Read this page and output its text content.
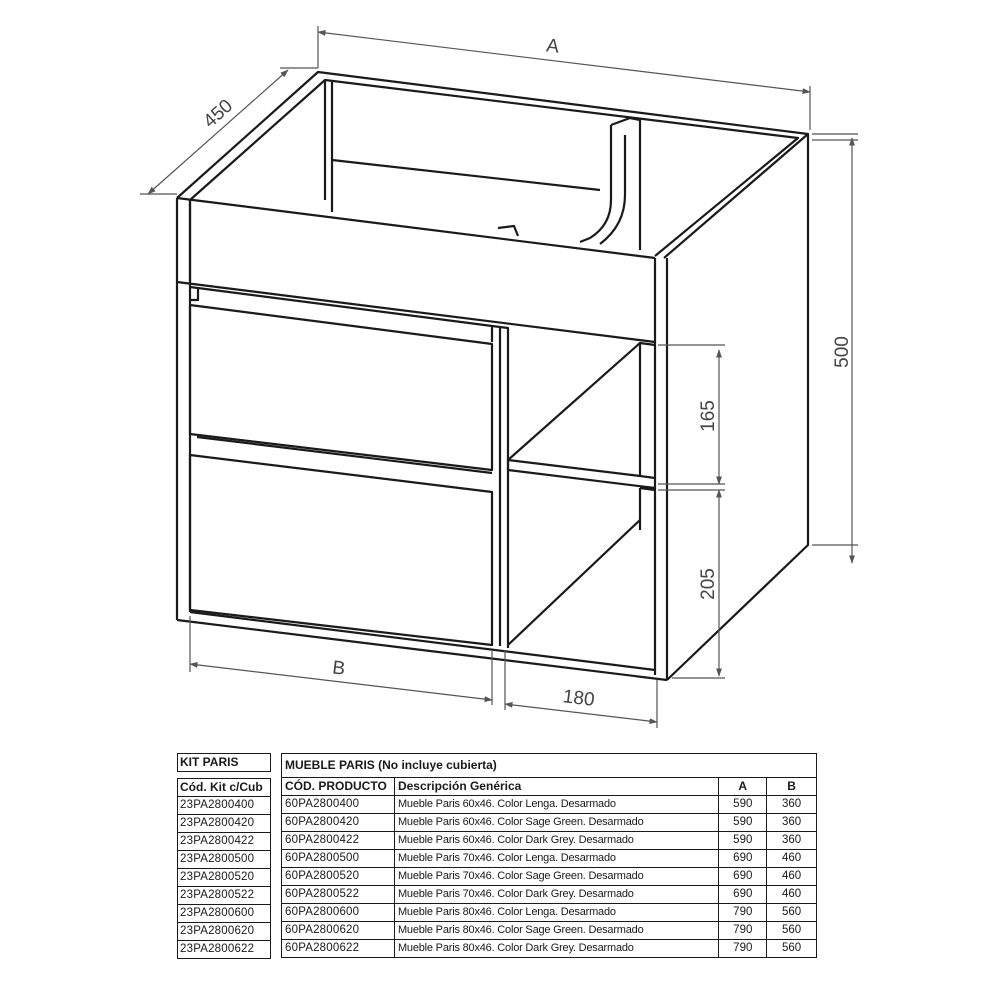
A
450
500
165
205
B
180
KIT PARIS

Cód. Kit c/Cub
23PA2800400
23PA2800420
23PA2800422
23PA2800500
23PA2800520
23PA2800522
23PA2800600
23PA2800620
23PA2800622
MUEBLE PARIS (No incluye cubierta)			
CÓD. PRODUCTO	Descripción Genérica	A	B
60PA2800400	Mueble Paris 60x46. Color Lenga. Desarmado	590	360
60PA2800420	Mueble Paris 60x46. Color Sage Green. Desarmado	590	360
60PA2800422	Mueble Paris 60x46. Color Dark Grey. Desarmado	590	360
60PA2800500	Mueble Paris 70x46. Color Lenga. Desarmado	690	460
60PA2800520	Mueble Paris 70x46. Color Sage Green. Desarmado	690	460
60PA2800522	Mueble Paris 70x46. Color Dark Grey. Desarmado	690	460
60PA2800600	Mueble Paris 80x46. Color Lenga. Desarmado	790	560
60PA2800620	Mueble Paris 80x46. Color Sage Green. Desarmado	790	560
60PA2800622	Mueble Paris 80x46. Color Dark Grey. Desarmado	790	560
